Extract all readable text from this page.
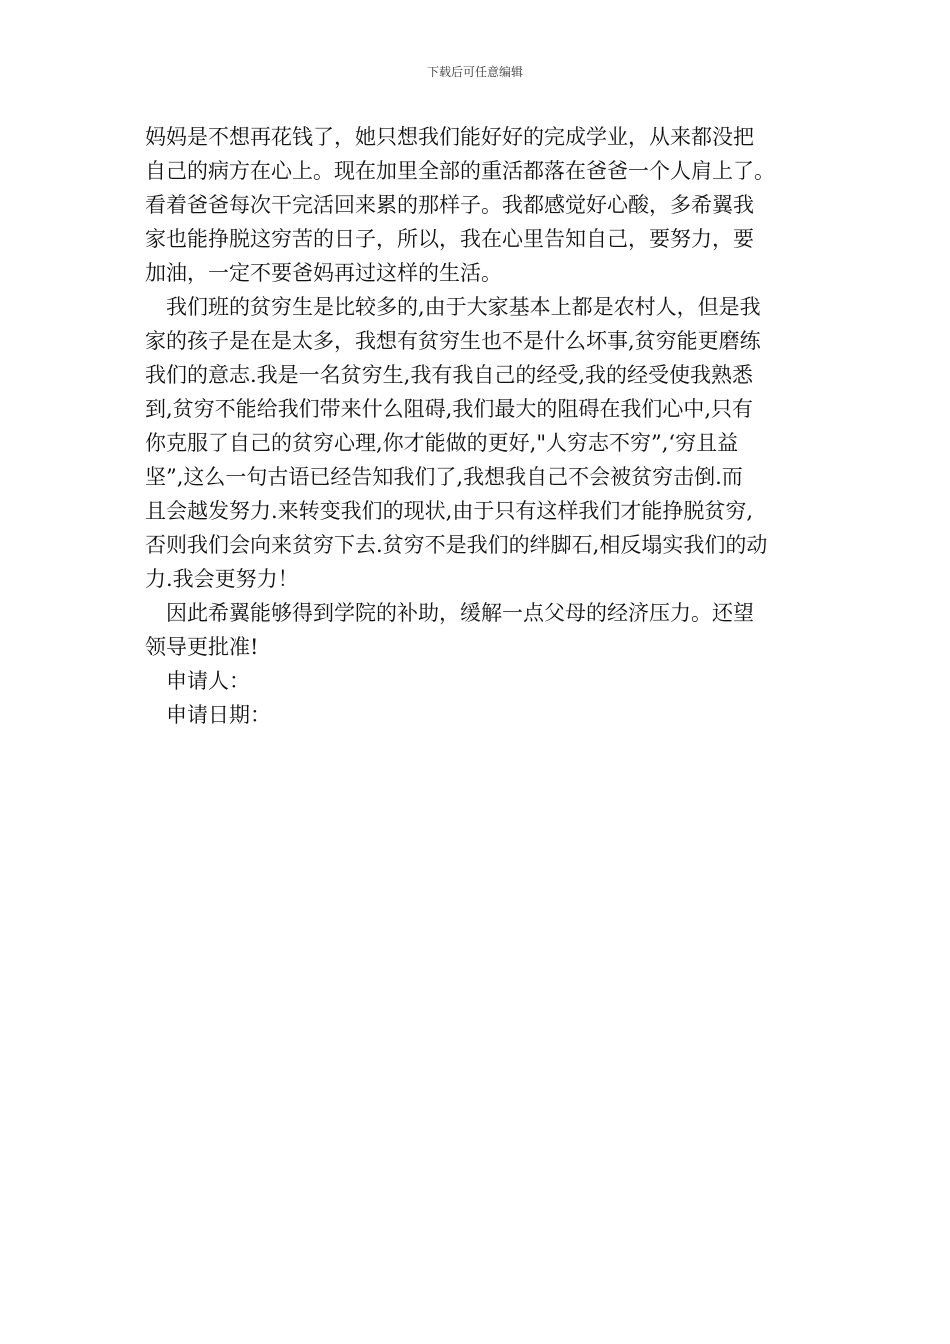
下载后可任意编辑
妈妈是不想再花钱了，她只想我们能好好的完成学业，从来都没把
自己的病方在心上。现在加里全部的重活都落在爸爸一个人肩上了。
看着爸爸每次干完活回来累的那样子。我都感觉好心酸，多希翼我
家也能挣脱这穷苦的日子，所以，我在心里告知自己，要努力，要
加油，一定不要爸妈再过这样的生活。
我们班的贫穷生是比较多的,由于大家基本上都是农村人，但是我
家的孩子是在是太多，我想有贫穷生也不是什么坏事,贫穷能更磨练
我们的意志.我是一名贫穷生,我有我自己的经受,我的经受使我熟悉
到,贫穷不能给我们带来什么阻碍,我们最大的阻碍在我们心中,只有
你克服了自己的贫穷心理,你才能做的更好,"人穷志不穷”,‘穷且益
坚”,这么一句古语已经告知我们了,我想我自己不会被贫穷击倒.而
且会越发努力.来转变我们的现状,由于只有这样我们才能挣脱贫穷,
否则我们会向来贫穷下去.贫穷不是我们的绊脚石,相反塌实我们的动
力.我会更努力！
因此希翼能够得到学院的补助，缓解一点父母的经济压力。还望
领导更批准!
申请人：
申请日期：
